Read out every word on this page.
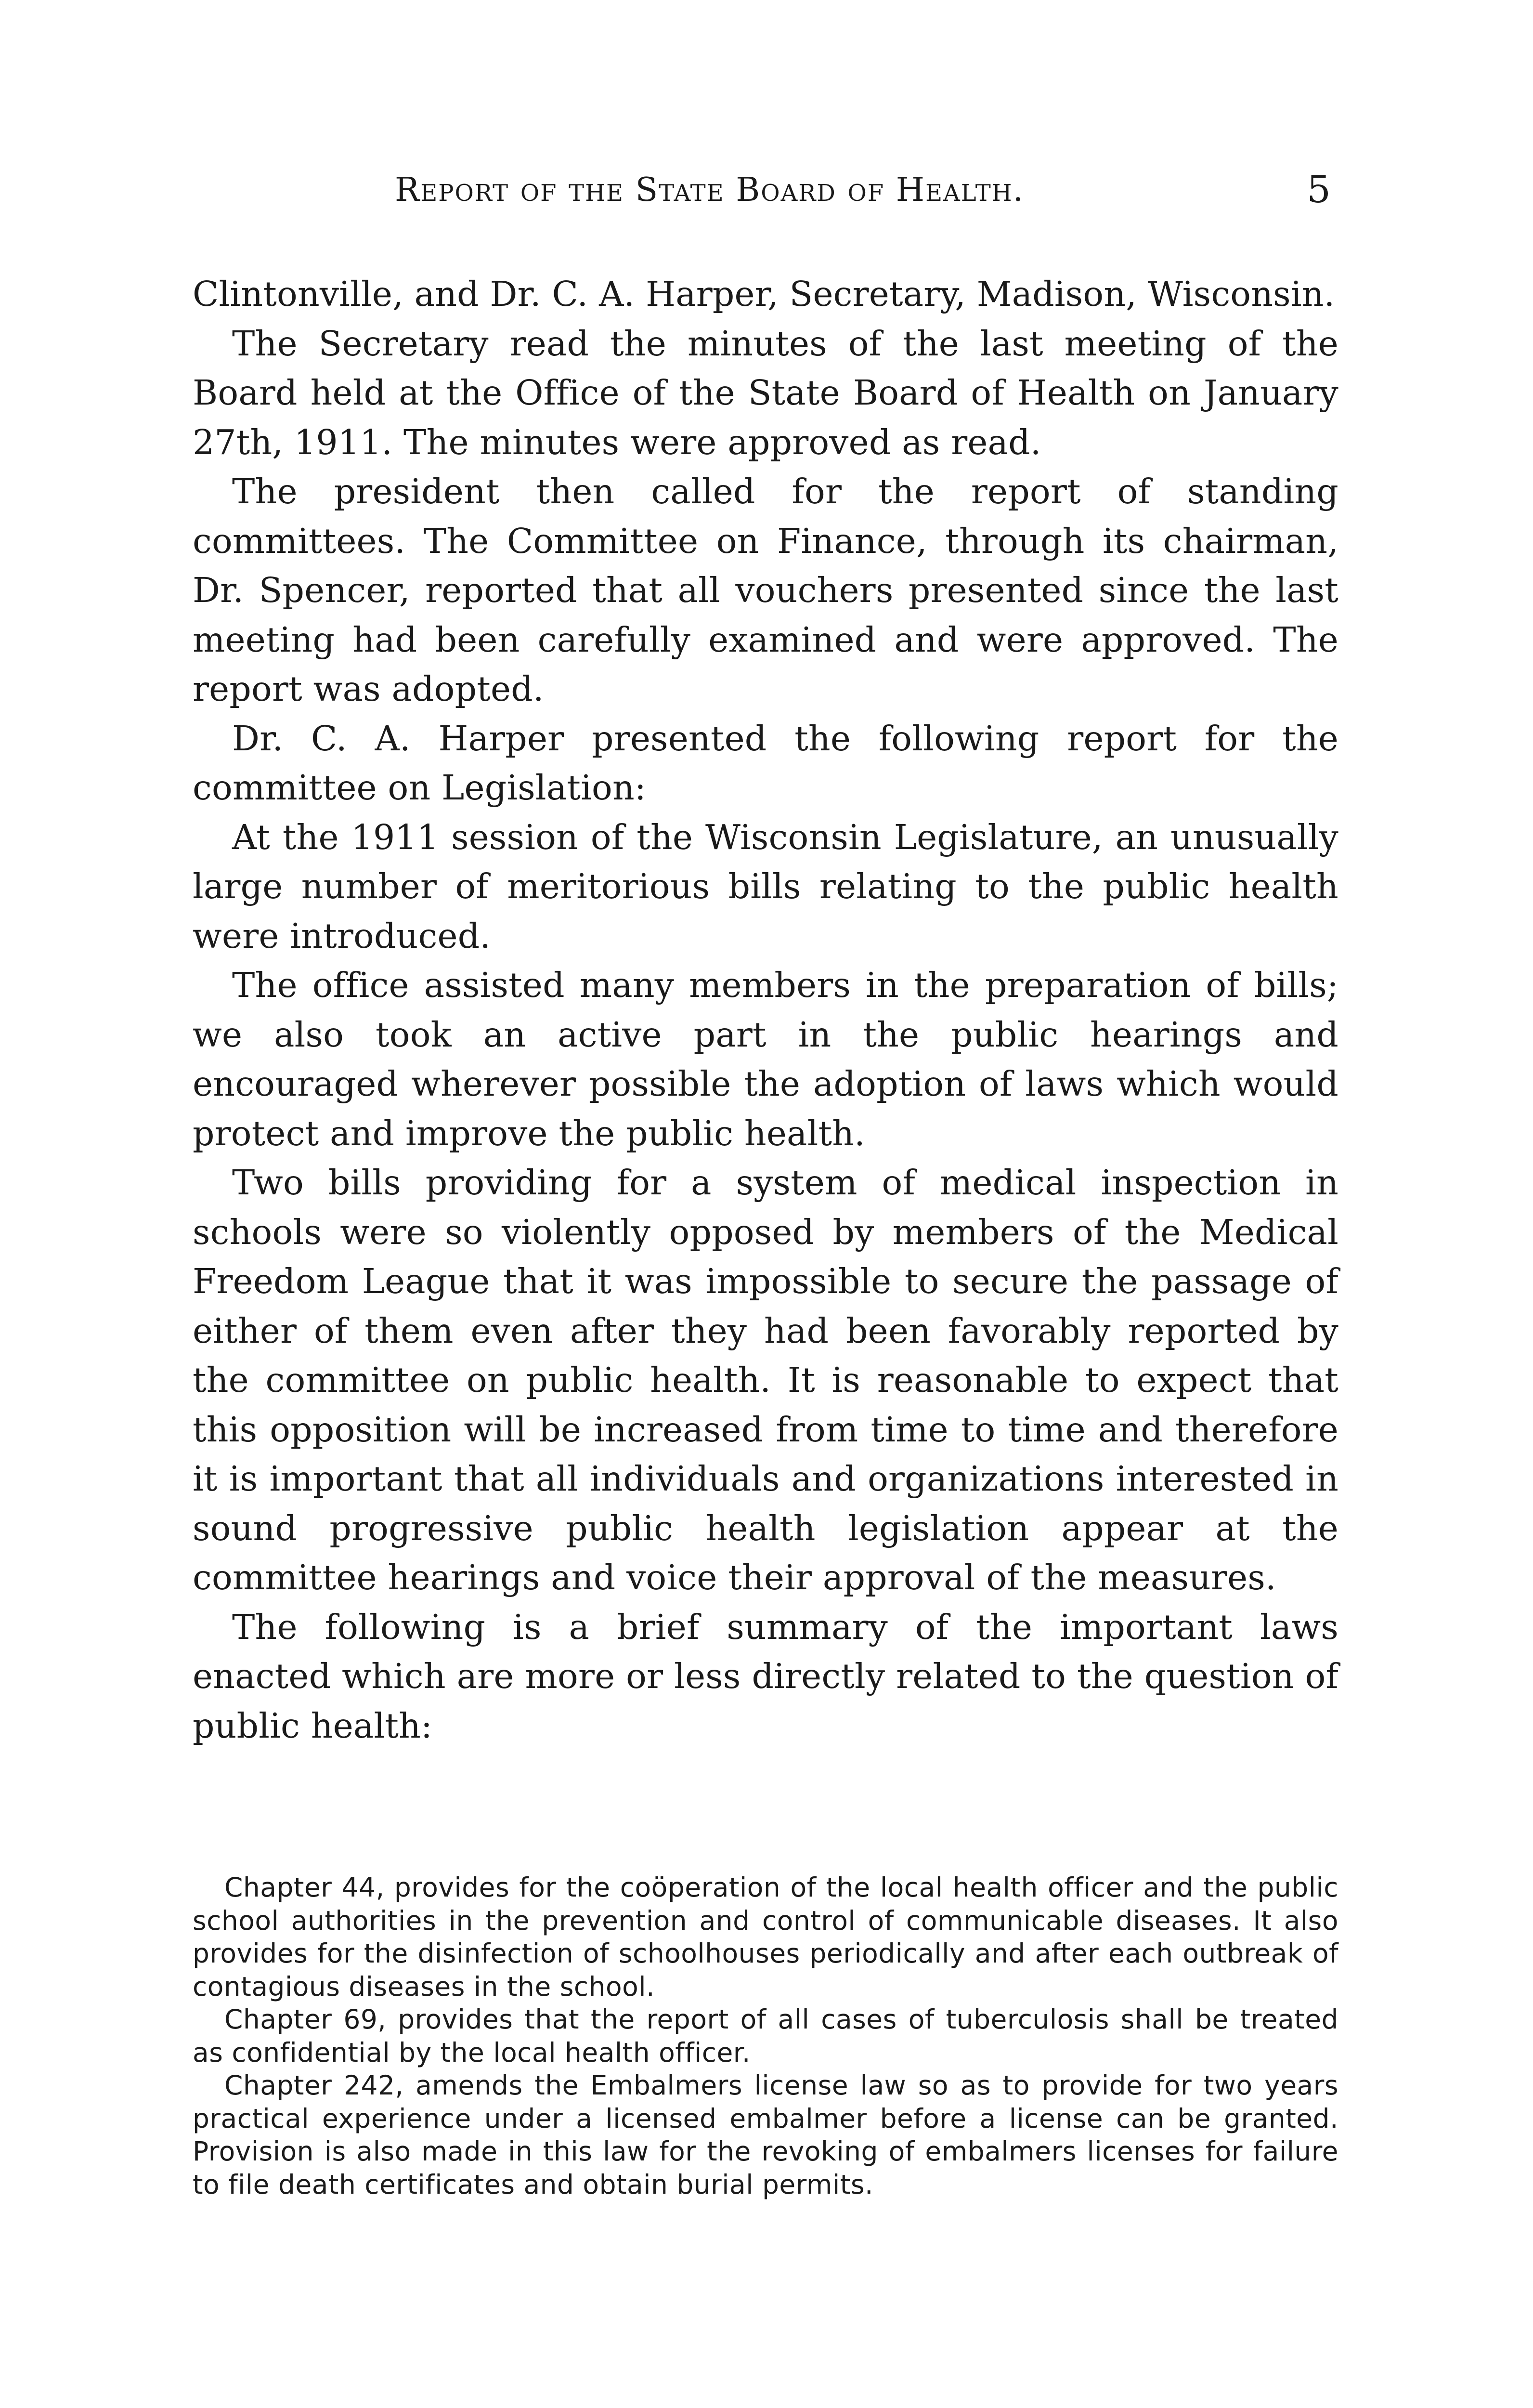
Report of the State Board of Health.	5

Clintonville, and Dr. C. A. Harper, Secretary, Madison, Wisconsin.

The Secretary read the minutes of the last meeting of the Board held at the Office of the State Board of Health on January 27th, 1911. The minutes were approved as read.

The president then called for the report of standing committees. The Committee on Finance, through its chairman, Dr. Spencer, reported that all vouchers presented since the last meeting had been carefully examined and were approved. The report was adopted.

Dr. C. A. Harper presented the following report for the committee on Legislation:

At the 1911 session of the Wisconsin Legislature, an unusually large number of meritorious bills relating to the public health were introduced.

The office assisted many members in the preparation of bills; we also took an active part in the public hearings and encouraged wherever possible the adoption of laws which would protect and improve the public health.

Two bills providing for a system of medical inspection in schools were so violently opposed by members of the Medical Freedom League that it was impossible to secure the passage of either of them even after they had been favorably reported by the committee on public health. It is reasonable to expect that this opposition will be increased from time to time and therefore it is important that all individuals and organizations interested in sound progressive public health legislation appear at the committee hearings and voice their approval of the measures.

The following is a brief summary of the important laws enacted which are more or less directly related to the question of public health:

Chapter 44, provides for the coöperation of the local health officer and the public school authorities in the prevention and control of communicable diseases. It also provides for the disinfection of schoolhouses periodically and after each outbreak of contagious diseases in the school.

Chapter 69, provides that the report of all cases of tuberculosis shall be treated as confidential by the local health officer.

Chapter 242, amends the Embalmers license law so as to provide for two years practical experience under a licensed embalmer before a license can be granted. Provision is also made in this law for the revoking of embalmers licenses for failure to file death certificates and obtain burial permits.
